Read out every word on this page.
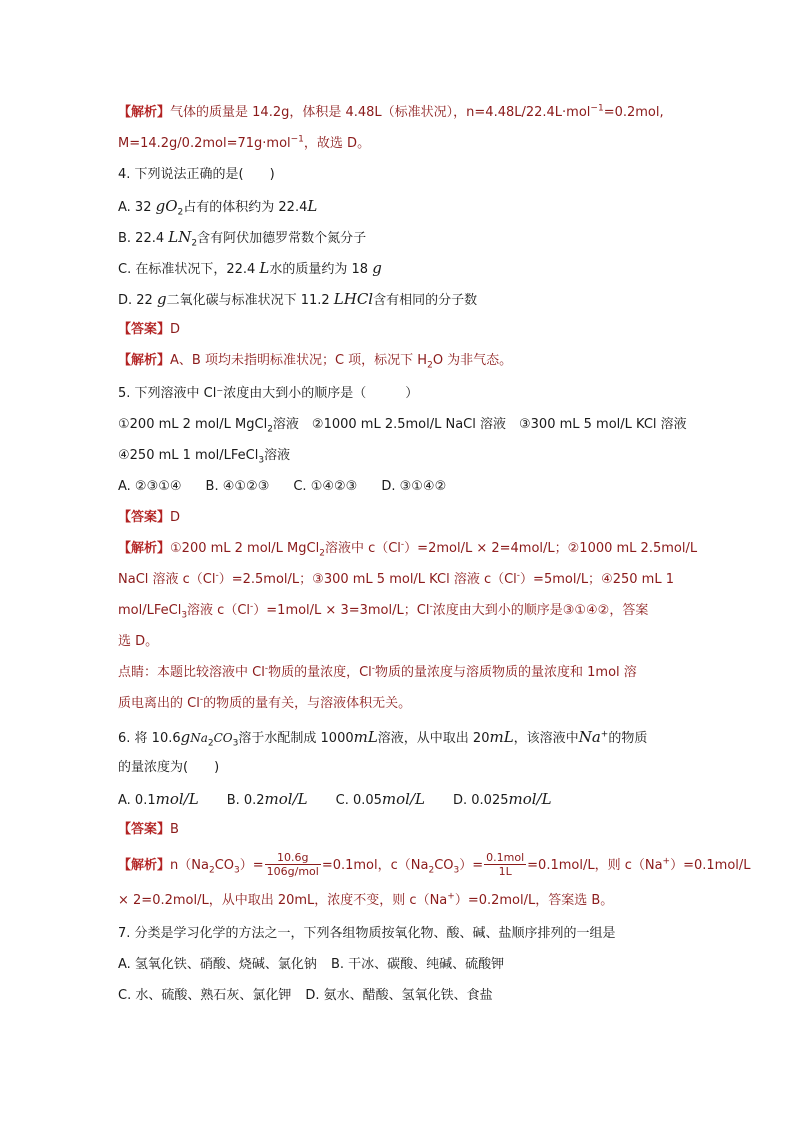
【解析】气体的质量是 14.2g，体积是 4.48L（标准状况），n=4.48L/22.4L·mol$^{-1}$=0.2mol,
M=14.2g/0.2mol=71g·mol$^{-1}$，故选 D。
4. 下列说法正确的是(　　)
A. 32 $gO_2$占有的体积约为 22.4L
B. 22.4 $LN_2$含有阿伏加德罗常数个氮分子
C. 在标准状况下，22.4 L水的质量约为 18 g
D. 22 g二氧化碳与标准状况下 11.2 LHCl含有相同的分子数
【答案】D
【解析】A、B 项均未指明标准状况；C 项，标况下 $H_2O$ 为非气态。
5. 下列溶液中 Cl⁻浓度由大到小的顺序是（　　　）
①200 mL 2 mol/L MgCl$_2$溶液　②1000 mL 2.5mol/L NaCl 溶液　③300 mL 5 mol/L KCl 溶液
④250 mL 1 mol/LFeCl$_3$溶液
A. ②③①④ B. ④①②③ C. ①④②③ D. ③①④②
【答案】D
【解析】①200 mL 2 mol/L MgCl$_2$溶液中 c（Cl-）=2mol/L × 2=4mol/L；②1000 mL 2.5mol/L
NaCl 溶液 c（Cl-）=2.5mol/L；③300 mL 5 mol/L KCl 溶液 c（Cl-）=5mol/L；④250 mL 1
mol/LFeCl$_3$溶液 c（Cl-）=1mol/L × 3=3mol/L；Cl-浓度由大到小的顺序是③①④②，答案
选 D。
点睛：本题比较溶液中 Cl-物质的量浓度，Cl-物质的量浓度与溶质物质的量浓度和 1mol 溶
质电离出的 Cl-的物质的量有关，与溶液体积无关。
6. 将 $10.6gNa_2CO_3$溶于水配制成 1000mL溶液，从中取出 20mL，该溶液中Na+的物质
的量浓度为(　　)
A. 0.1mol/L B. 0.2mol/L C. 0.05mol/L D. 0.025mol/L
【答案】B
【解析】$n(Na_2CO_3)= \frac{10.6g}{\text{106g/mol}} =0.1mol$，$c(Na_2CO_3)= \frac{\text{0.1mol}}{1L} =0.1mol/L$，则 c（Na+）=0.1mol/L
× 2=0.2mol/L，从中取出 20mL，浓度不变，则 c（Na+）=0.2mol/L，答案选 B。
7. 分类是学习化学的方法之一，下列各组物质按氧化物、酸、碱、盐顺序排列的一组是
A. 氢氧化铁、硝酸、烧碱、氯化钠 B. 干冰、碳酸、纯碱、硫酸钾
C. 水、硫酸、熟石灰、氯化钾 D. 氨水、醋酸、氢氧化铁、食盐
